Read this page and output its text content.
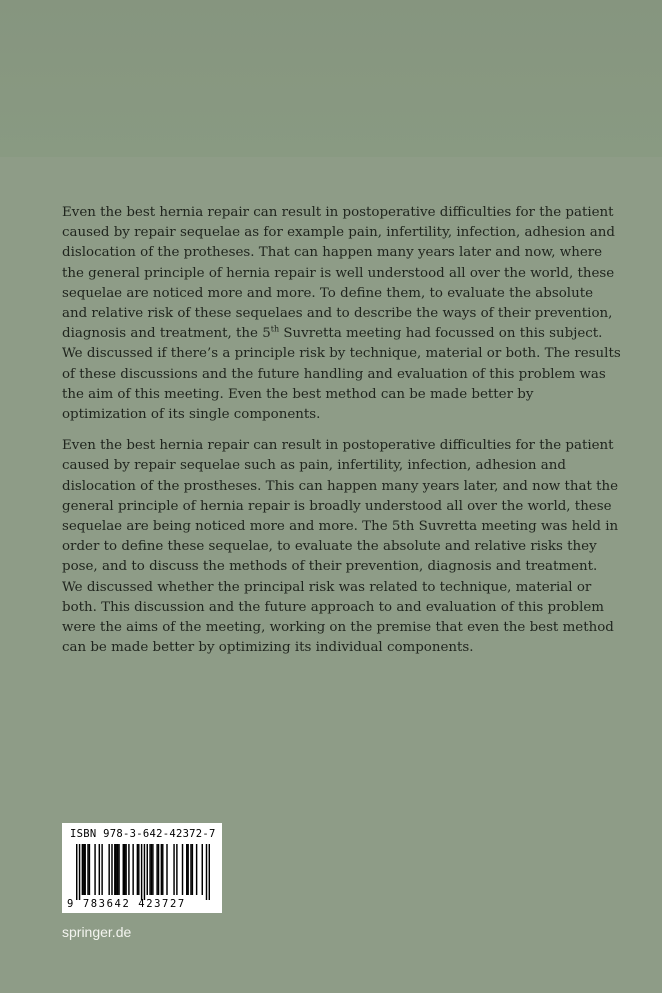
Even the best hernia repair can result in postoperative difficulties for the patient caused by repair sequelae as for example pain, infertility, infection, adhesion and dislocation of the protheses. That can happen many years later and now, where the general principle of hernia repair is well understood all over the world, these sequelae are noticed more and more. To define them, to evaluate the absolute and relative risk of these sequelaes and to describe the ways of their prevention, diagnosis and treatment, the 5th Suvretta meeting had focussed on this subject. We discussed if there’s a principle risk by technique, material or both. The results of these discussions and the future handling and evaluation of this problem was the aim of this meeting. Even the best method can be made better by optimization of its single components.

Even the best hernia repair can result in postoperative difficulties for the patient caused by repair sequelae such as pain, infertility, infection, adhesion and dislocation of the prostheses. This can happen many years later, and now that the general principle of hernia repair is broadly understood all over the world, these sequelae are being noticed more and more. The 5th Suvretta meeting was held in order to define these sequelae, to evaluate the absolute and relative risks they pose, and to discuss the methods of their prevention, diagnosis and treatment. We discussed whether the principal risk was related to technique, material or both. This discussion and the future approach to and evaluation of this problem were the aims of the meeting, working on the premise that even the best method can be made better by optimizing its individual components.

ISBN 978-3-642-42372-7
9 783642 423727
springer.de
